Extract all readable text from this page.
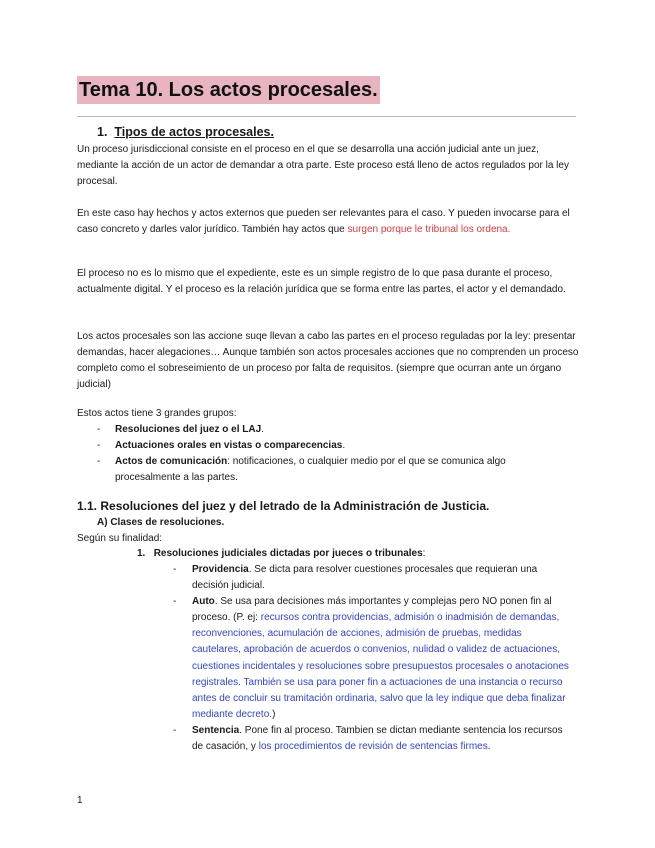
Tema 10. Los actos procesales.
1. Tipos de actos procesales.

Un proceso jurisdiccional consiste en el proceso en el que se desarrolla una acción judicial ante un juez, mediante la acción de un actor de demandar a otra parte. Este proceso está lleno de actos regulados por la ley procesal.

En este caso hay hechos y actos externos que pueden ser relevantes para el caso. Y pueden invocarse para el caso concreto y darles valor jurídico. También hay actos que surgen porque le tribunal los ordena.

El proceso no es lo mismo que el expediente, este es un simple registro de lo que pasa durante el proceso, actualmente digital. Y el proceso es la relación jurídica que se forma entre las partes, el actor y el demandado.

Los actos procesales son las accione suqe llevan a cabo las partes en el proceso reguladas por la ley: presentar demandas, hacer alegaciones… Aunque también son actos procesales acciones que no comprenden un proceso completo como el sobreseimiento de un proceso por falta de requisitos. (siempre que ocurran ante un órgano judicial)

Estos actos tiene 3 grandes grupos:

- Resoluciones del juez o el LAJ.
- Actuaciones orales en vistas o comparecencias.
- Actos de comunicación: notificaciones, o cualquier medio por el que se comunica algo procesalmente a las partes.
1.1. Resoluciones del juez y del letrado de la Administración de Justicia.
A) Clases de resoluciones.

Según su finalidad:

1. Resoluciones judiciales dictadas por jueces o tribunales:

- Providencia. Se dicta para resolver cuestiones procesales que requieran una decisión judicial.
- Auto. Se usa para decisiones más importantes y complejas pero NO ponen fin al proceso. (P. ej: recursos contra providencias, admisión o inadmisión de demandas, reconvenciones, acumulación de acciones, admisión de pruebas, medidas cautelares, aprobación de acuerdos o convenios, nulidad o validez de actuaciones, cuestiones incidentales y resoluciones sobre presupuestos procesales o anotaciones registrales. También se usa para poner fin a actuaciones de una instancia o recurso antes de concluir su tramitación ordinaria, salvo que la ley indique que deba finalizar mediante decreto.)
- Sentencia. Pone fin al proceso. Tambien se dictan mediante sentencia los recursos de casación, y los procedimientos de revisión de sentencias firmes.

1
